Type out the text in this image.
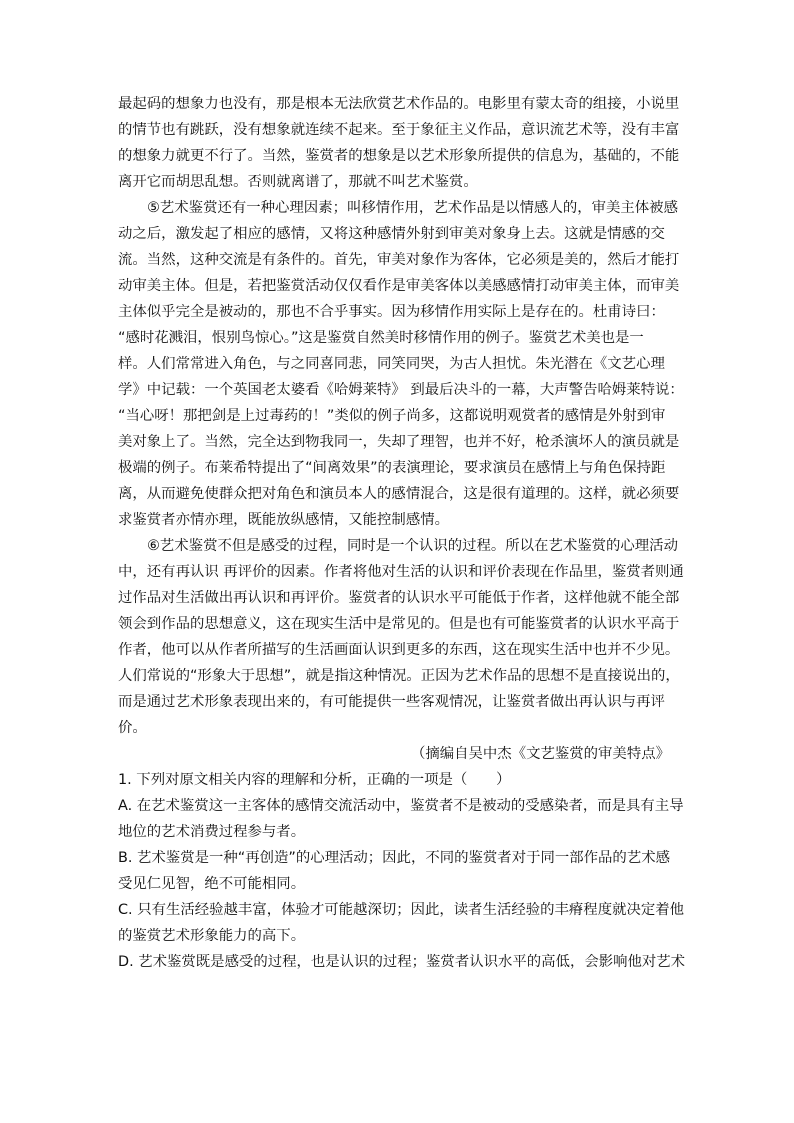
最起码的想象力也没有，那是根本无法欣赏艺术作品的。电影里有蒙太奇的组接，小说里
的情节也有跳跃，没有想象就连续不起来。至于象征主义作品，意识流艺术等，没有丰富
的想象力就更不行了。当然，鉴赏者的想象是以艺术形象所提供的信息为，基础的，不能
离开它而胡思乱想。否则就离谱了，那就不叫艺术鉴赏。
⑤艺术鉴赏还有一种心理因素；叫移情作用，艺术作品是以情感人的，审美主体被感
动之后，激发起了相应的感情，又将这种感情外射到审美对象身上去。这就是情感的交
流。当然，这种交流是有条件的。首先，审美对象作为客体，它必须是美的，然后才能打
动审美主体。但是，若把鉴赏活动仅仅看作是审美客体以美感感情打动审美主体，而审美
主体似乎完全是被动的，那也不合乎事实。因为移情作用实际上是存在的。杜甫诗曰：
“感时花溅泪，恨别鸟惊心。”这是鉴赏自然美时移情作用的例子。鉴赏艺术美也是一
样。人们常常进入角色，与之同喜同悲，同笑同哭，为古人担忧。朱光潜在《文艺心理
学》中记载：一个英国老太婆看《哈姆莱特》 到最后决斗的一幕，大声警告哈姆莱特说：
“当心呀！那把剑是上过毒药的！”类似的例子尚多，这都说明观赏者的感情是外射到审
美对象上了。当然，完全达到物我同一，失却了理智，也并不好，枪杀演坏人的演员就是
极端的例子。布莱希特提出了“间离效果”的表演理论，要求演员在感情上与角色保持距
离，从而避免使群众把对角色和演员本人的感情混合，这是很有道理的。这样，就必须要
求鉴赏者亦情亦理，既能放纵感情，又能控制感情。
⑥艺术鉴赏不但是感受的过程，同时是一个认识的过程。所以在艺术鉴赏的心理活动
中，还有再认识 再评价的因素。作者将他对生活的认识和评价表现在作品里，鉴赏者则通
过作品对生活做出再认识和再评价。鉴赏者的认识水平可能低于作者，这样他就不能全部
领会到作品的思想意义，这在现实生活中是常见的。但是也有可能鉴赏者的认识水平高于
作者，他可以从作者所描写的生活画面认识到更多的东西，这在现实生活中也并不少见。
人们常说的“形象大于思想”，就是指这种情况。正因为艺术作品的思想不是直接说出的，
而是通过艺术形象表现出来的，有可能提供一些客观情况，让鉴赏者做出再认识与再评
价。
（摘编自吴中杰《文艺鉴赏的审美特点》
1. 下列对原文相关内容的理解和分析，正确的一项是（　　）
A. 在艺术鉴赏这一主客体的感情交流活动中，鉴赏者不是被动的受感染者，而是具有主导
地位的艺术消费过程参与者。
B. 艺术鉴赏是一种“再创造”的心理活动；因此，不同的鉴赏者对于同一部作品的艺术感
受见仁见智，绝不可能相同。
C. 只有生活经验越丰富，体验才可能越深切；因此，读者生活经验的丰瘠程度就决定着他
的鉴赏艺术形象能力的高下。
D. 艺术鉴赏既是感受的过程，也是认识的过程；鉴赏者认识水平的高低，会影响他对艺术
